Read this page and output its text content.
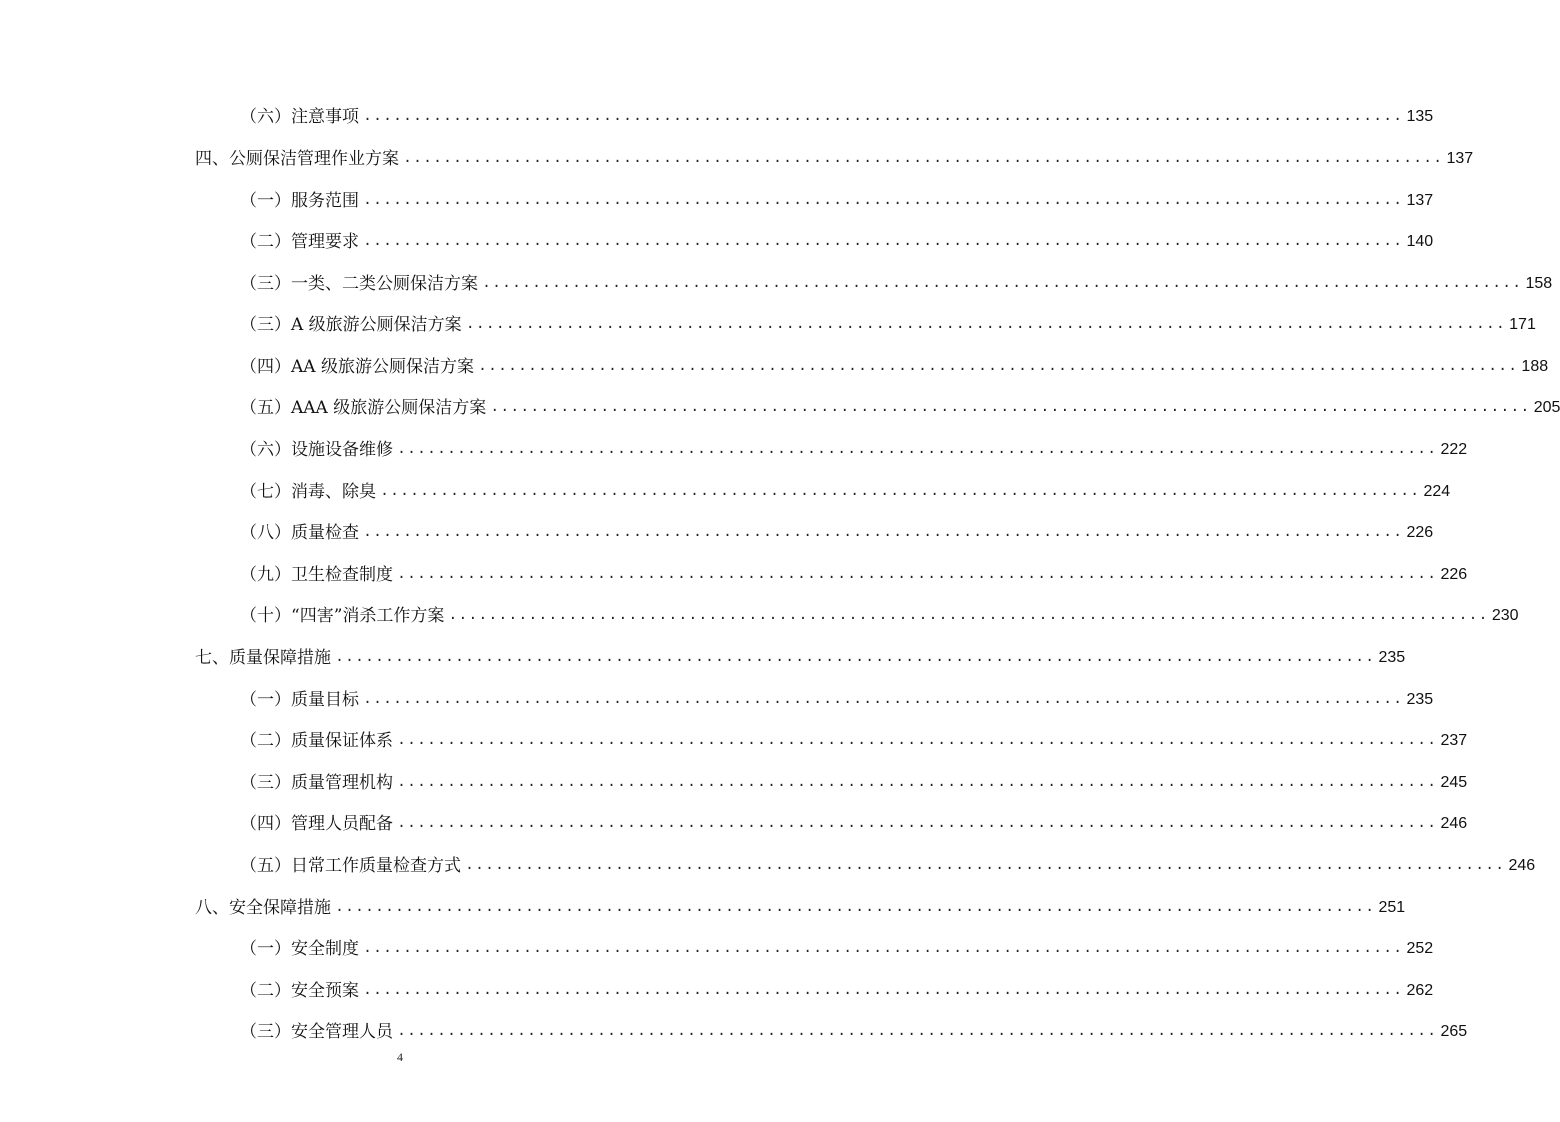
（六）注意事项 ........................................................................................................ 135
四、公厕保洁管理作业方案 ........................................................................................................ 137
（一）服务范围 ........................................................................................................ 137
（二）管理要求 ........................................................................................................ 140
（三）一类、二类公厕保洁方案 ........................................................................................................ 158
（三）A 级旅游公厕保洁方案 ........................................................................................................ 171
（四）AA 级旅游公厕保洁方案 ........................................................................................................ 188
（五）AAA 级旅游公厕保洁方案 ........................................................................................................ 205
（六）设施设备维修 ........................................................................................................ 222
（七）消毒、除臭 ........................................................................................................ 224
（八）质量检查 ........................................................................................................ 226
（九）卫生检查制度 ........................................................................................................ 226
（十）“四害”消杀工作方案 ........................................................................................................ 230
七、质量保障措施 ........................................................................................................ 235
（一）质量目标 ........................................................................................................ 235
（二）质量保证体系 ........................................................................................................ 237
（三）质量管理机构 ........................................................................................................ 245
（四）管理人员配备 ........................................................................................................ 246
（五）日常工作质量检查方式 ........................................................................................................ 246
八、安全保障措施 ........................................................................................................ 251
（一）安全制度 ........................................................................................................ 252
（二）安全预案 ........................................................................................................ 262
（三）安全管理人员 ........................................................................................................ 265
4
